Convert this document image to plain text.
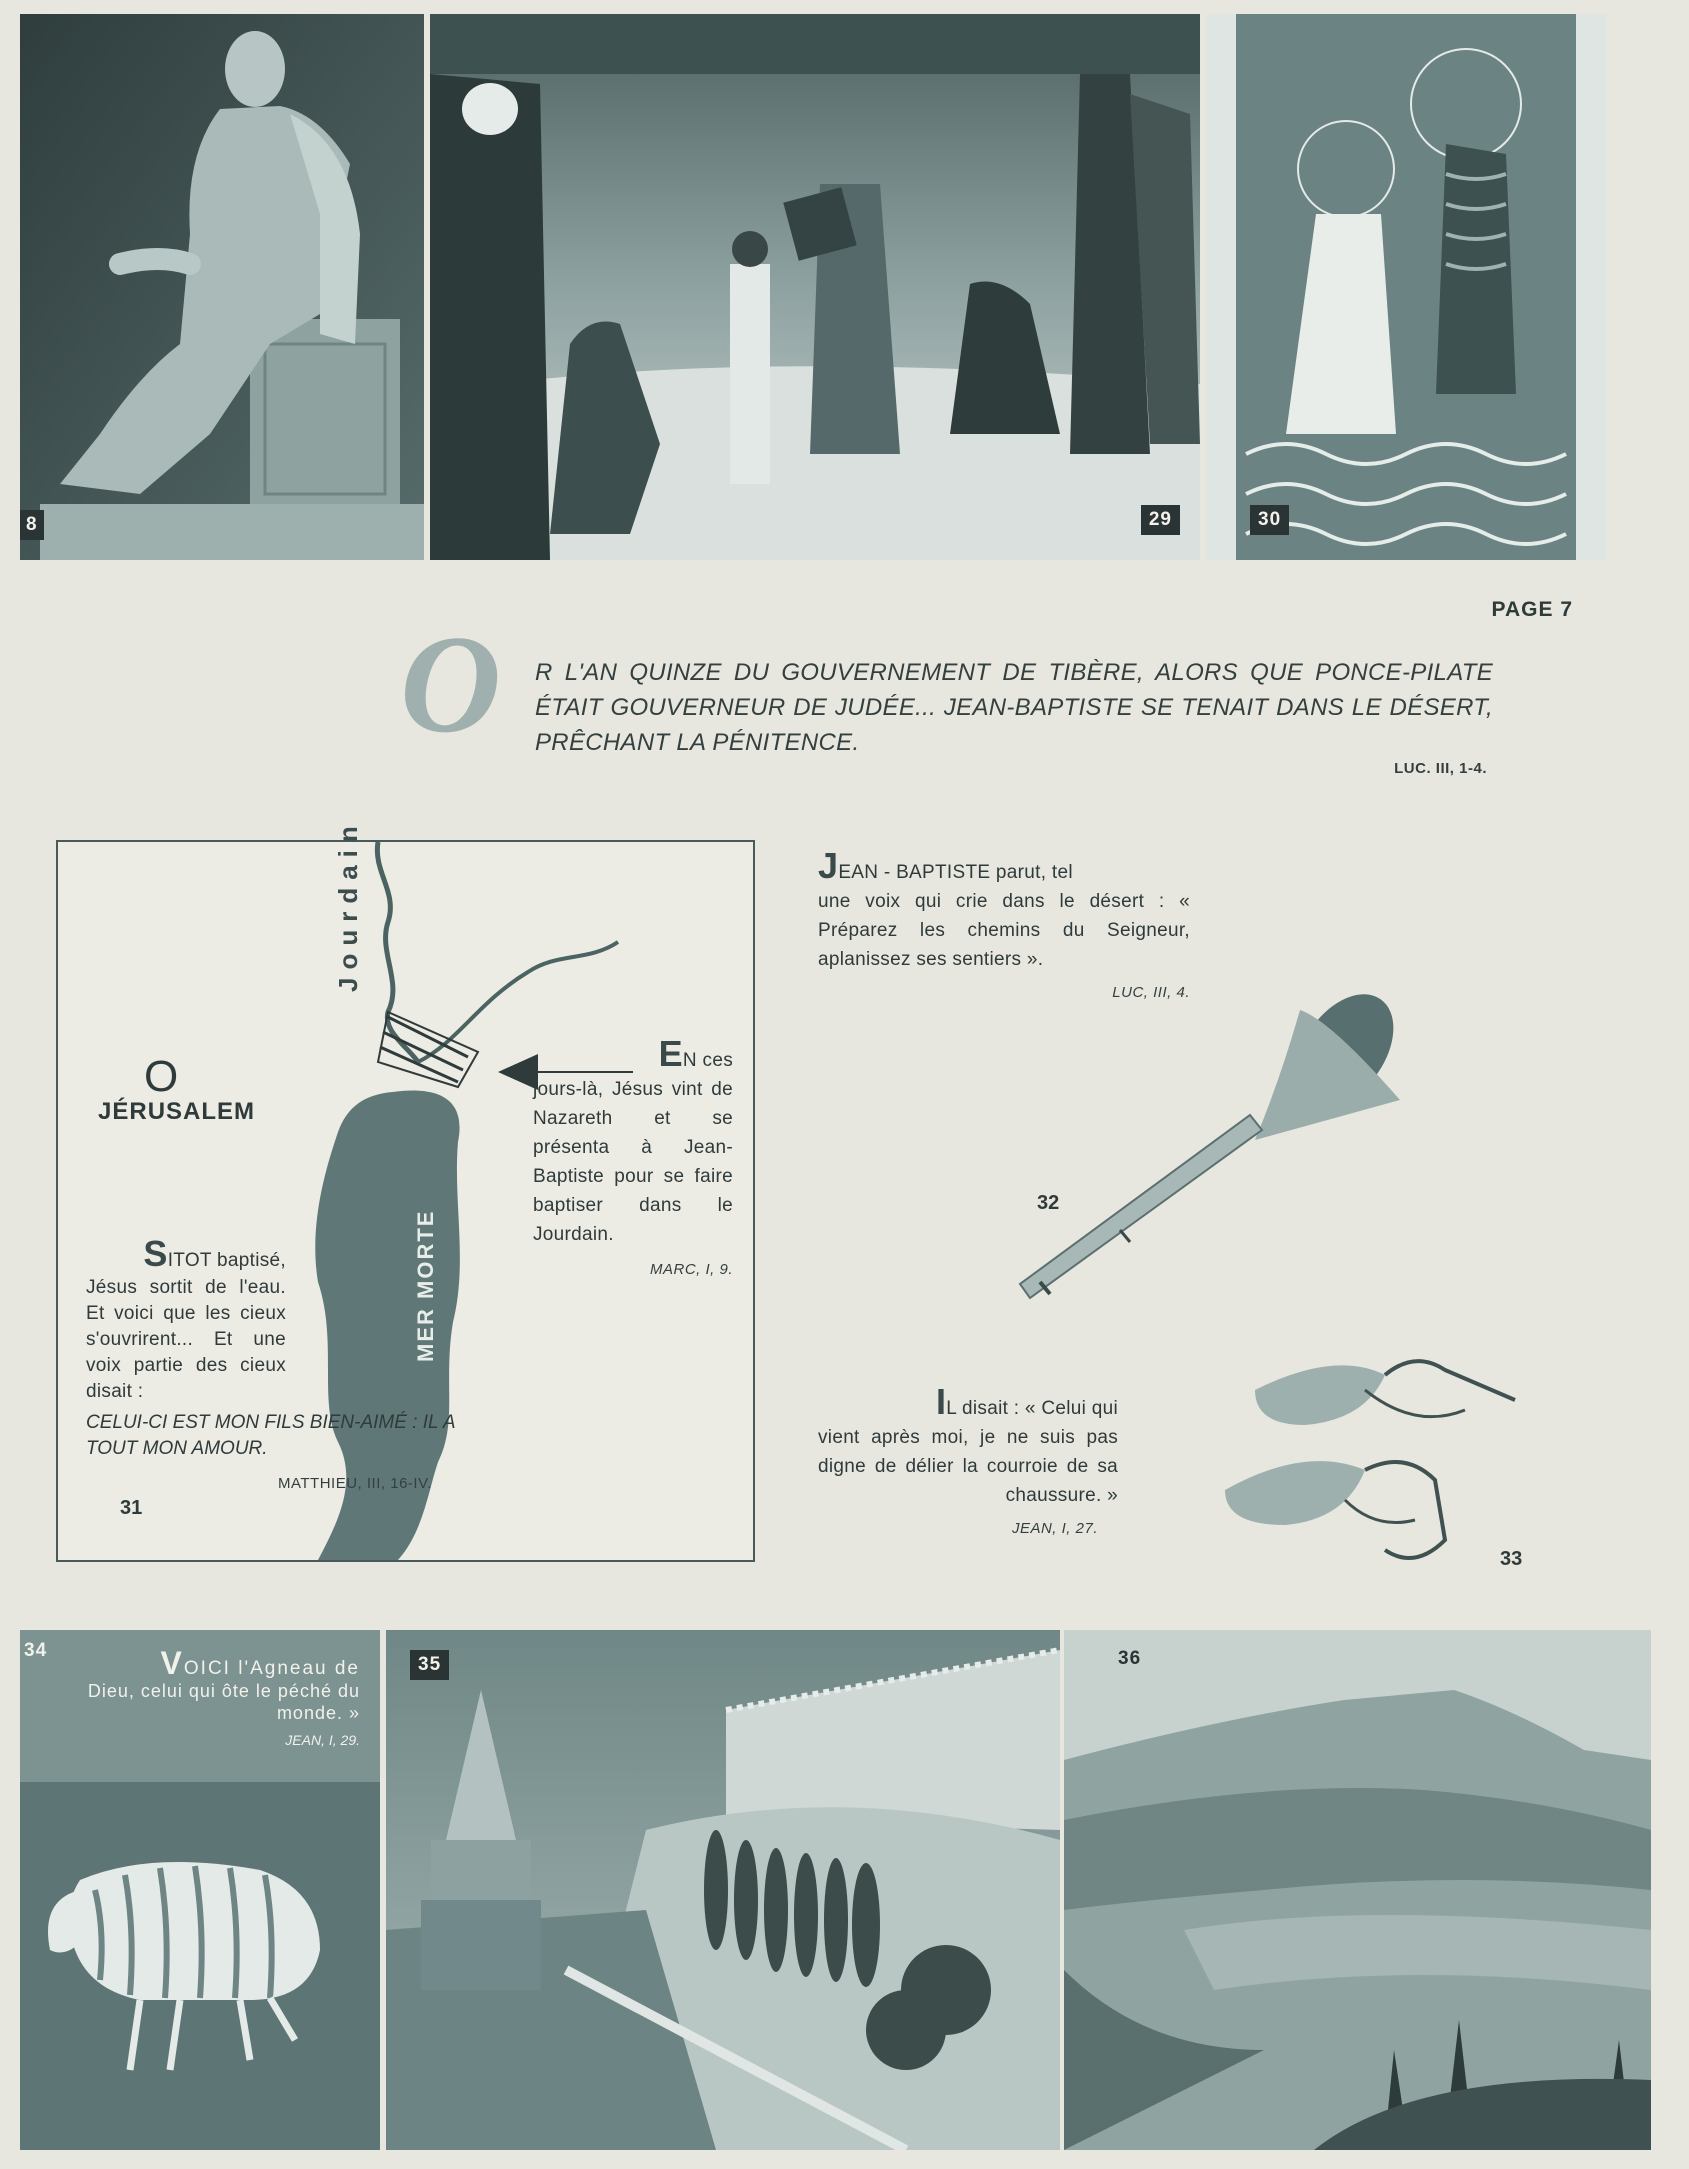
8	29	30
PAGE 7
O R L'AN QUINZE DU GOUVERNEMENT DE TIBÈRE, ALORS QUE PONCE-PILATE ÉTAIT GOUVERNEUR DE JUDÉE... JEAN-BAPTISTE SE TENAIT DANS LE DÉSERT, PRÊCHANT LA PÉNITENCE.
LUC. III, 1-4.
Jourdain
O
JÉRUSALEM
MER MORTE
EN ces
jours-là, Jésus vint de Nazareth et se présenta à Jean-Baptiste pour se faire baptiser dans le Jourdain.
MARC, I, 9.
SITOT baptisé,
Jésus sortit de l'eau. Et voici que les cieux s'ouvrirent... Et une voix partie des cieux disait :
CELUI-CI EST MON FILS BIEN-AIMÉ : IL A TOUT MON AMOUR.
MATTHIEU, III, 16-IV.
31
JEAN - BAPTISTE parut, tel
une voix qui crie dans le désert : « Préparez les chemins du Seigneur, aplanissez ses sentiers ».
LUC, III, 4.
32
IL disait : « Celui qui
vient après moi, je ne suis pas digne de délier la courroie de sa chaussure. »
JEAN, I, 27.
33
34	VOICI l'Agneau de
Dieu, celui qui ôte le péché du monde. »
JEAN, I, 29.
35	36
